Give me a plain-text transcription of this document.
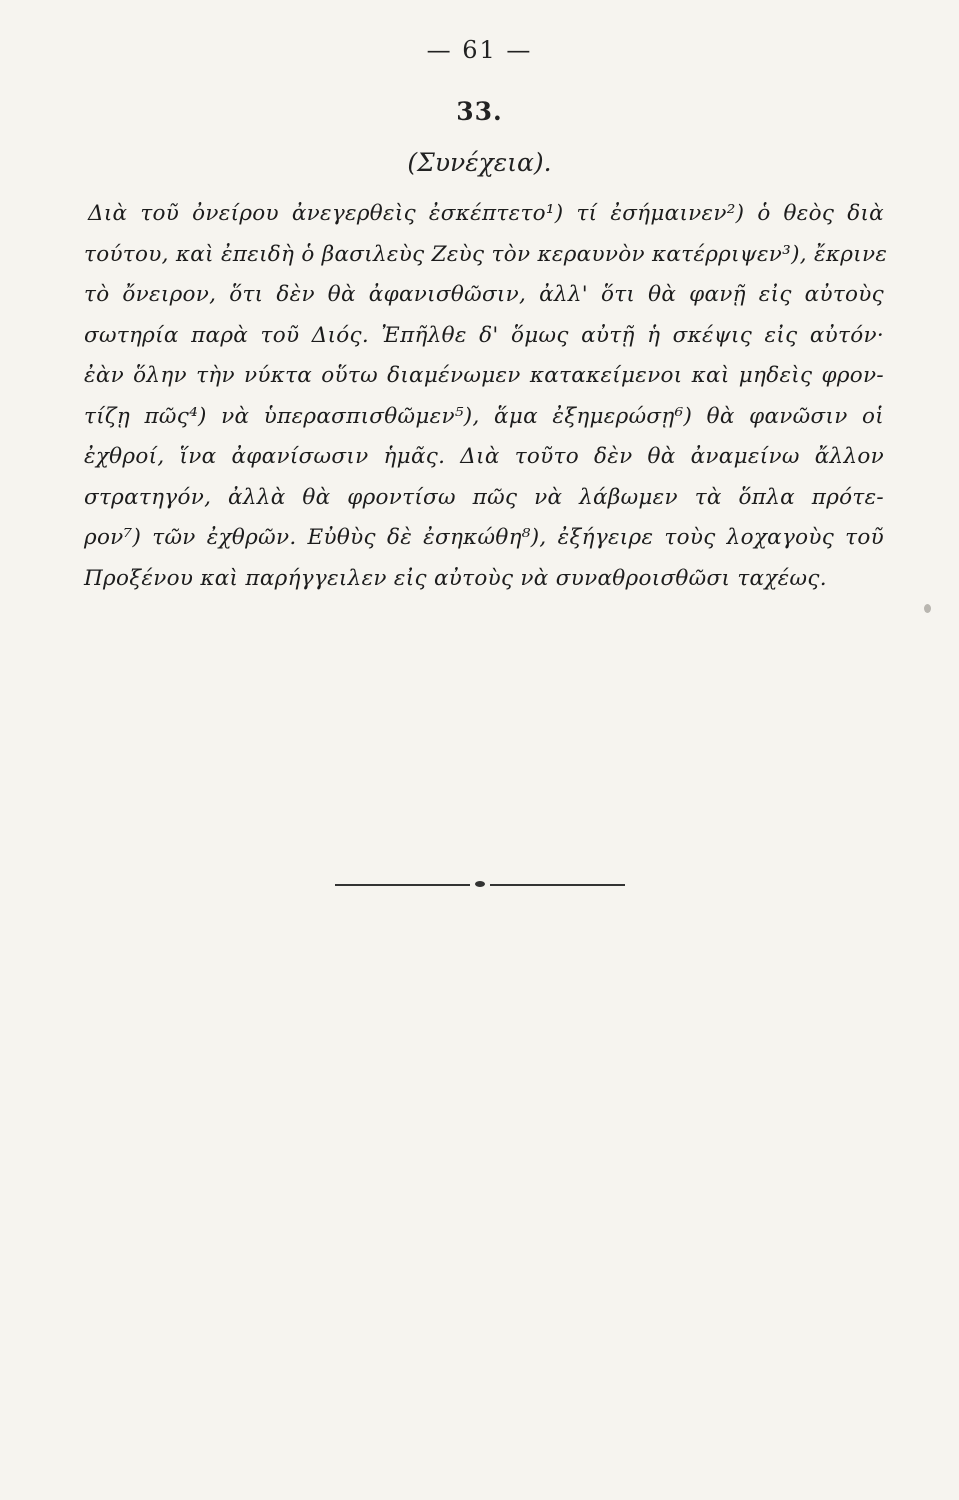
— 61 —
33.
(Συνέχεια).
Διὰ τοῦ ὀνείρου ἀνεγερθεὶς ἐσκέπτετο¹) τί ἐσήμαινεν²) ὁ θεὸς διὰ
τούτου, καὶ ἐπειδὴ ὁ βασιλεὺς Ζεὺς τὸν κεραυνὸν κατέρριψεν³), ἔκρινε
τὸ ὄνειρον, ὅτι δὲν θὰ ἀφανισθῶσιν, ἀλλ' ὅτι θὰ φανῇ εἰς αὐτοὺς
σωτηρία παρὰ τοῦ Διός. Ἐπῆλθε δ' ὅμως αὐτῇ ἡ σκέψις εἰς αὐτόν·
ἐὰν ὅλην τὴν νύκτα οὕτω διαμένωμεν κατακείμενοι καὶ μηδεὶς φρον-
τίζῃ πῶς⁴) νὰ ὑπερασπισθῶμεν⁵), ἅμα ἐξημερώσῃ⁶) θὰ φανῶσιν οἱ
ἐχθροί, ἵνα ἀφανίσωσιν ἡμᾶς. Διὰ τοῦτο δὲν θὰ ἀναμείνω ἄλλον
στρατηγόν, ἀλλὰ θὰ φροντίσω πῶς νὰ λάβωμεν τὰ ὅπλα πρότε-
ρον⁷) τῶν ἐχθρῶν. Εὐθὺς δὲ ἐσηκώθη⁸), ἐξήγειρε τοὺς λοχαγοὺς τοῦ
Προξένου καὶ παρήγγειλεν εἰς αὐτοὺς νὰ συναθροισθῶσι ταχέως.
